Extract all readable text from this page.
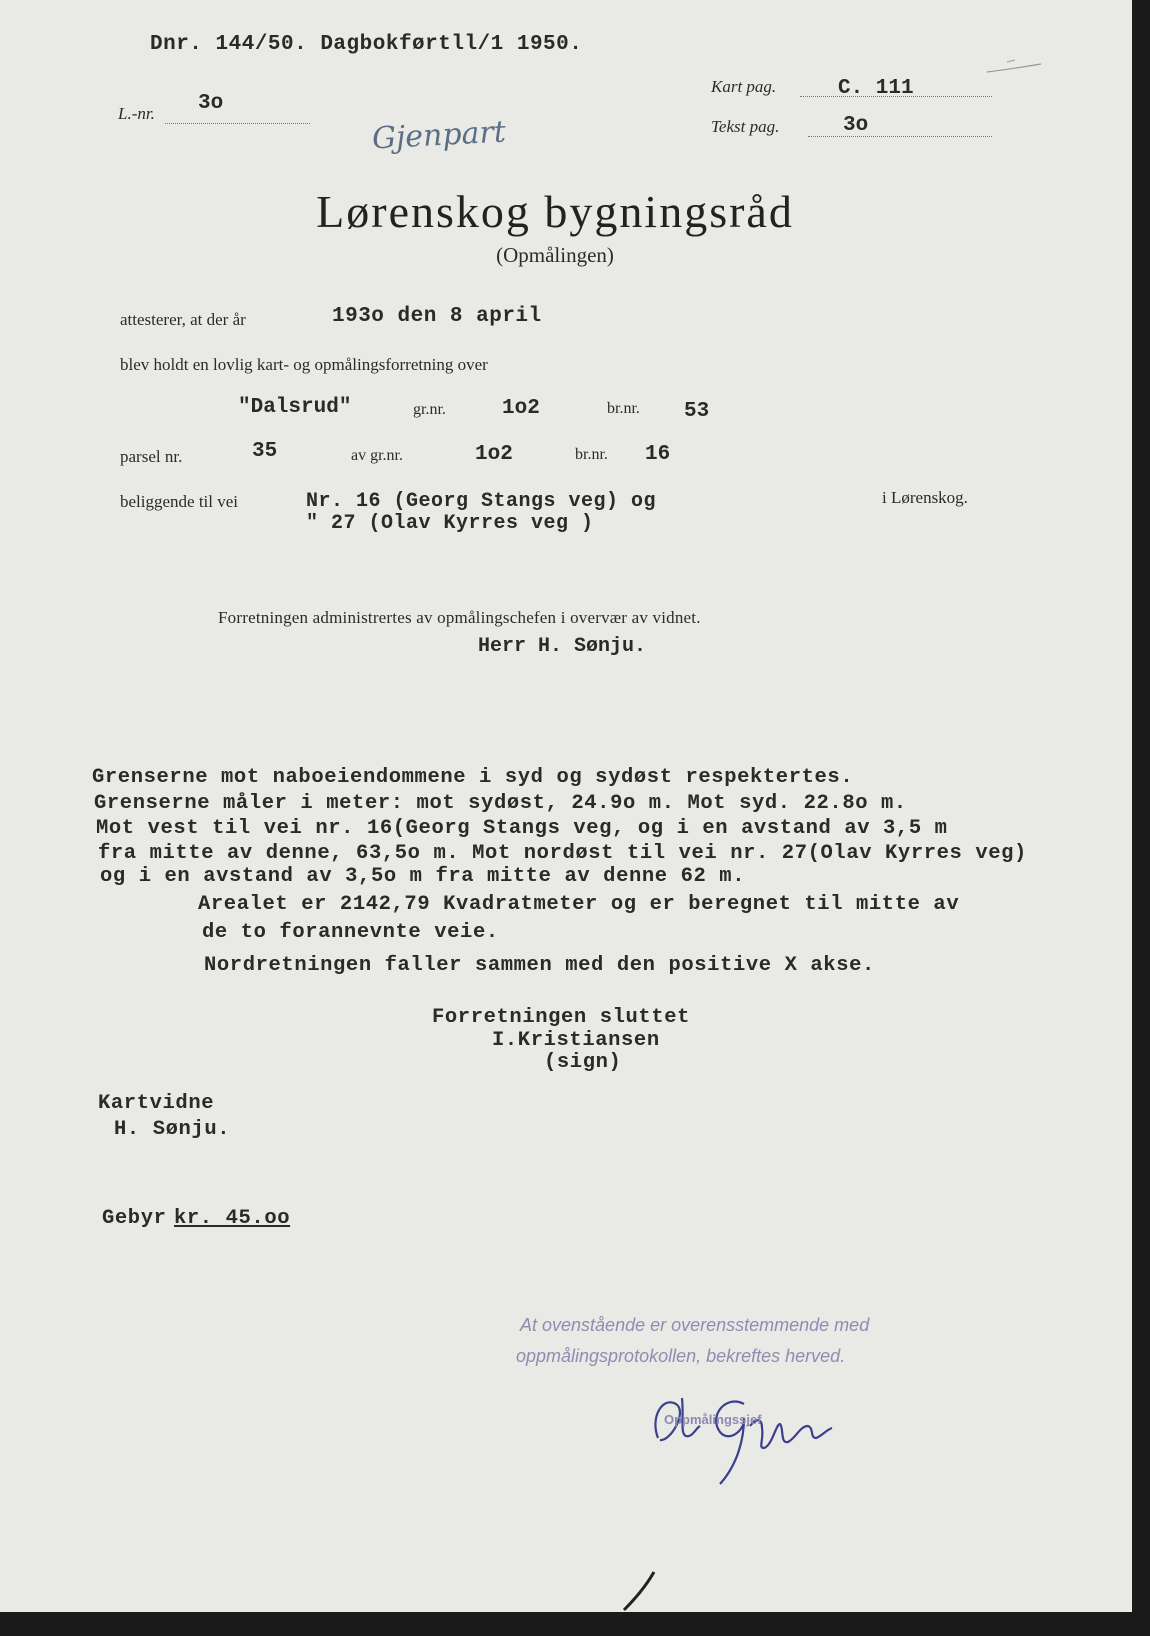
Dnr. 144/50. Dagbokførtll/1 1950.
L.-nr. 3o
Gjenpart
Kart pag.	C. 111
Tekst pag.	3o
Lørenskog bygningsråd
(Opmålingen)
attesterer, at der år	193o den 8 april
blev holdt en lovlig kart- og opmålingsforretning over
"Dalsrud"	gr.nr.	1o2	br.nr. 53
parsel nr.	35	av gr.nr.	1o2	br.nr. 16
beliggende til vei	Nr. 16 (Georg Stangs veg) og
" 27 (Olav Kyrres veg )
i Lørenskog.
Forretningen administrertes av opmålingschefen i overvær av vidnet.
Herr H. Sønju.
Grenserne mot naboeiendommene i syd og sydøst respektertes.
Grenserne måler i meter: mot sydøst, 24.9o m. Mot syd. 22.8o m.
Mot vest til vei nr. 16(Georg Stangs veg, og i en avstand av 3,5 m
fra mitte av denne, 63,5o m. Mot nordøst til vei nr. 27(Olav Kyrres veg)
og i en avstand av 3,5o m fra mitte av denne 62 m.
Arealet er 2142,79 Kvadratmeter og er beregnet til mitte av
de to forannevnte veie.
Nordretningen faller sammen med den positive X akse.
Forretningen sluttet
I.Kristiansen
(sign)
Kartvidne
H. Sønju.
Gebyr kr. 45.oo
At ovenstående er overensstemmende med
oppmålingsprotokollen, bekreftes herved.
Oppmålingssjef
